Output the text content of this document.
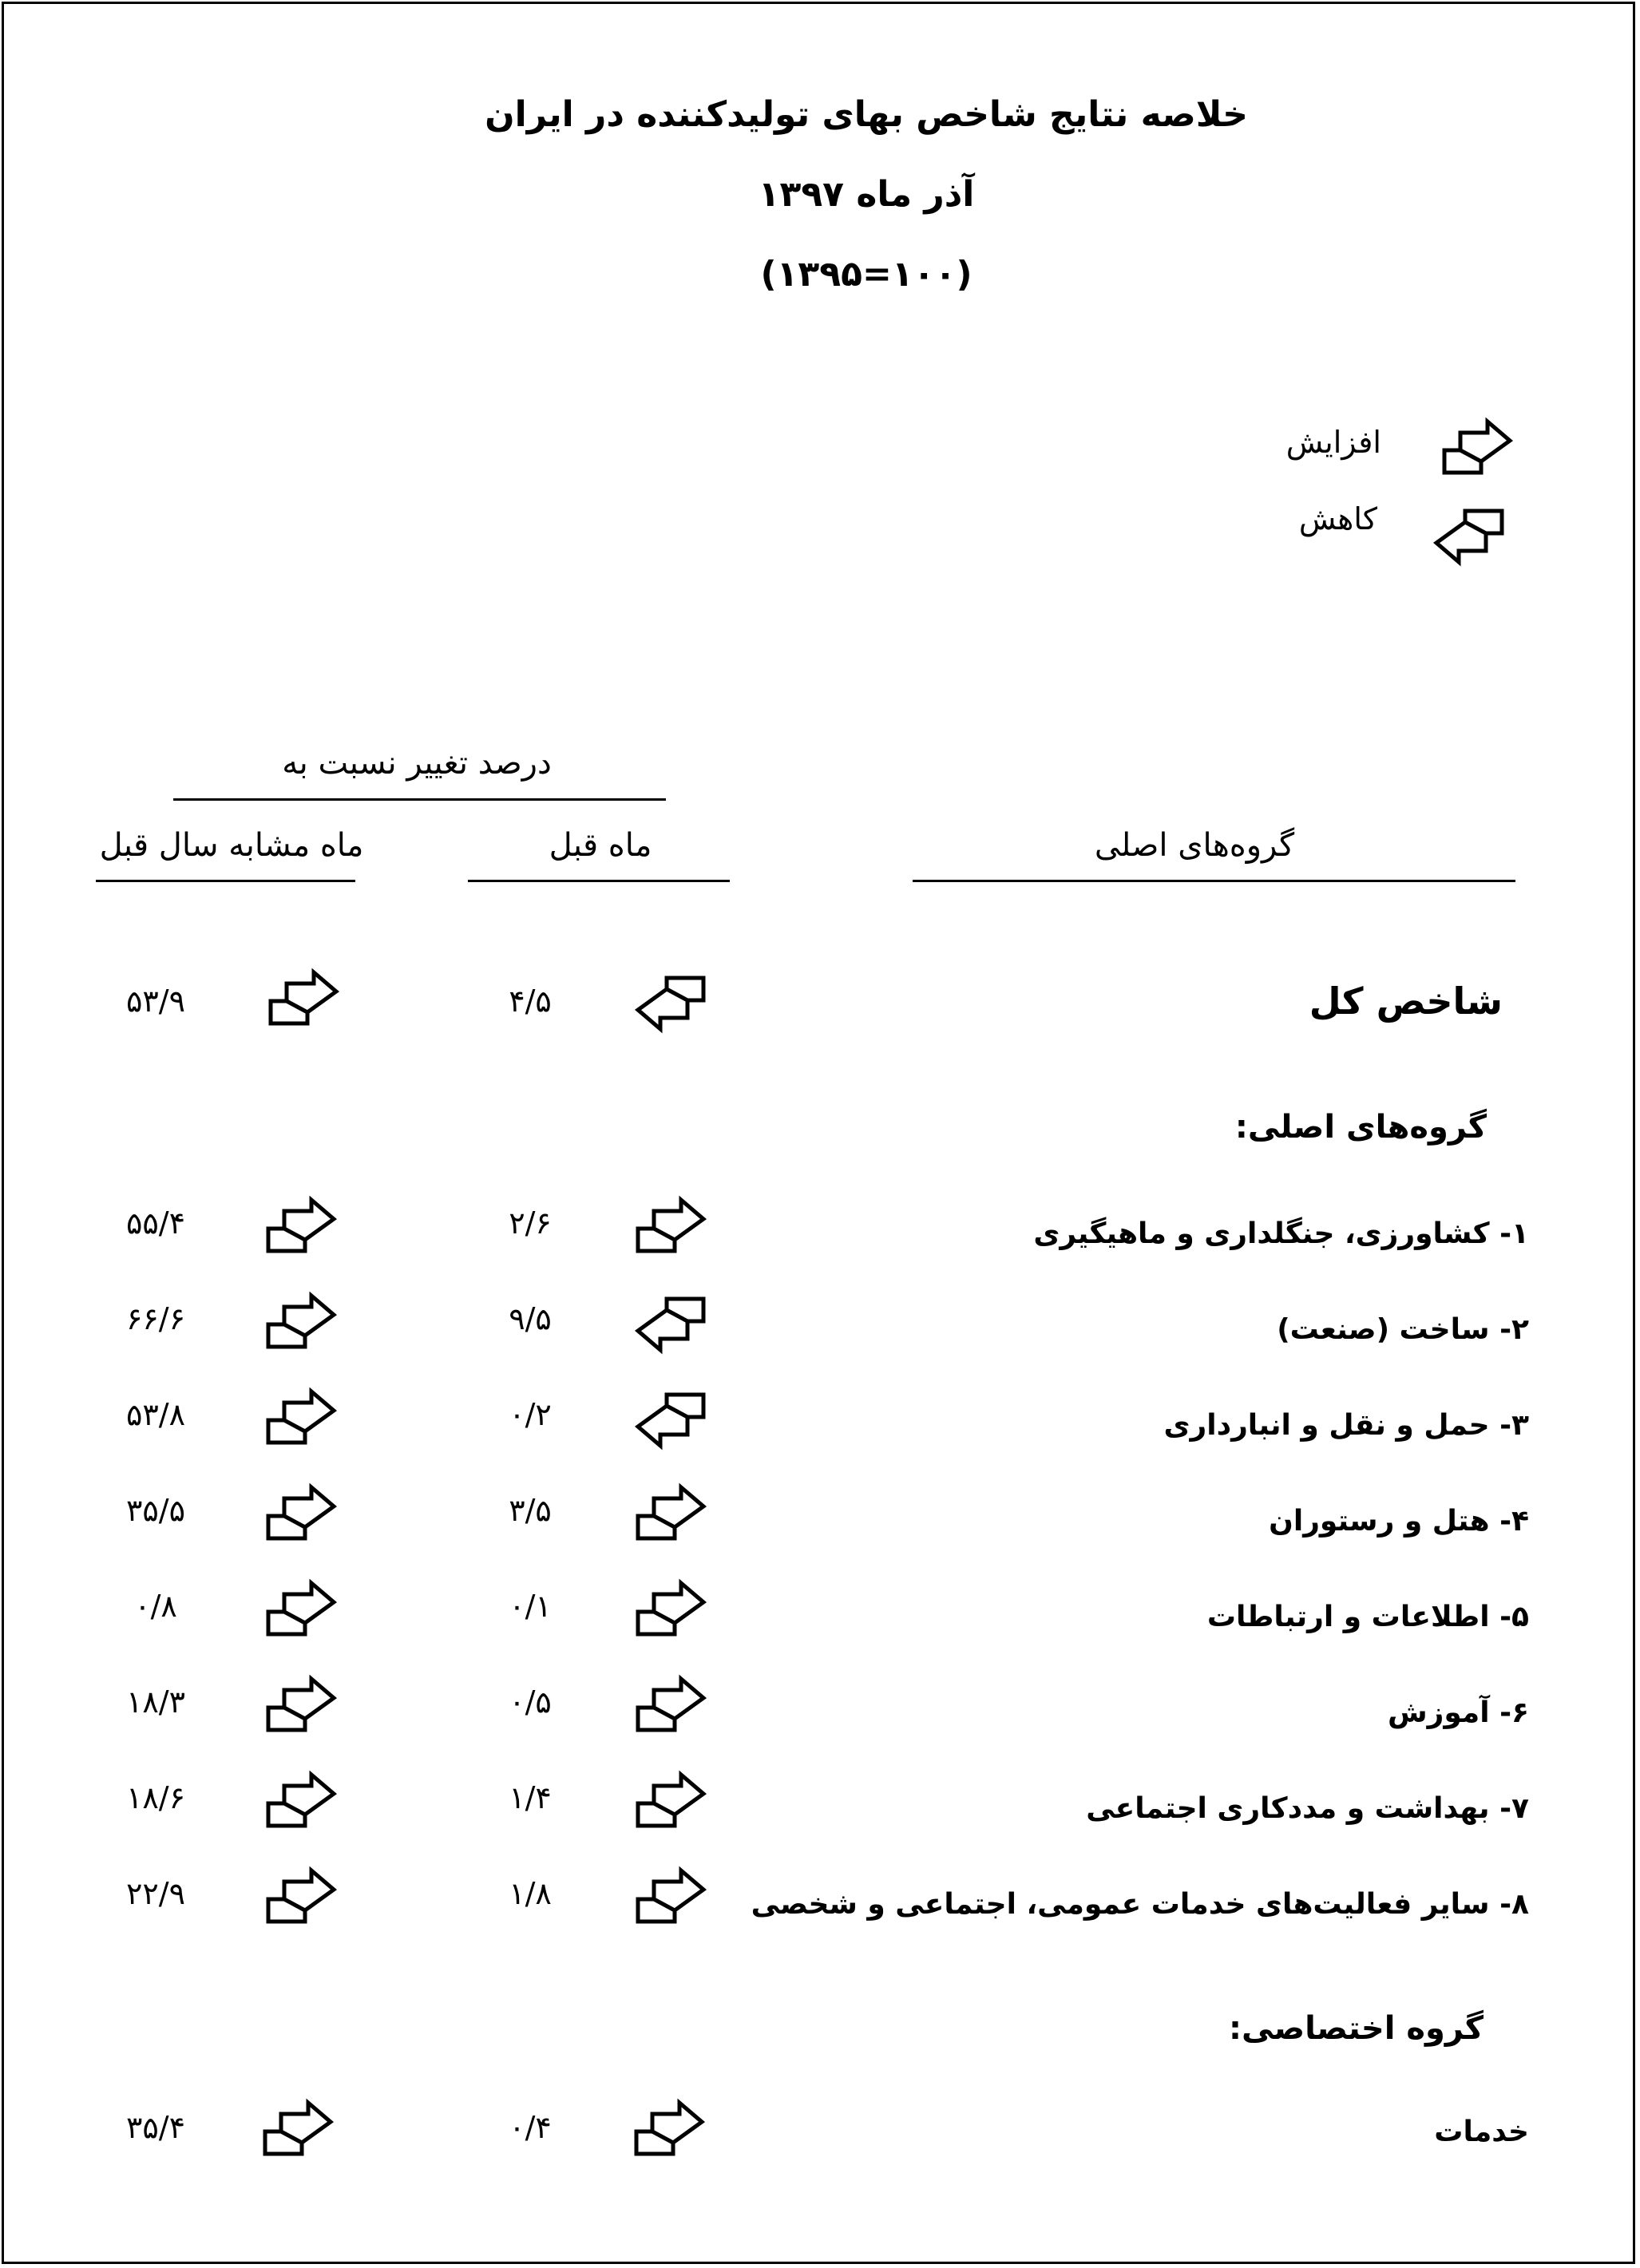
خلاصه نتایج شاخص بهای تولیدکننده در ایران
آذر ماه ۱۳۹۷
(۱۰۰=۱۳۹۵)
افزایش
کاهش
درصد تغییر نسبت به
گروه‌های اصلی
ماه قبل
ماه مشابه سال قبل
شاخص کل
۴/۵
۵۳/۹
گروه‌های اصلی:
۱- کشاورزی، جنگلداری و ماهیگیری
۲/۶
۵۵/۴
۲- ساخت (صنعت)
۹/۵
۶۶/۶
۳- حمل و نقل و انبارداری
۰/۲
۵۳/۸
۴- هتل و رستوران
۳/۵
۳۵/۵
۵- اطلاعات و ارتباطات
۰/۱
۰/۸
۶- آموزش
۰/۵
۱۸/۳
۷- بهداشت و مددکاری اجتماعی
۱/۴
۱۸/۶
۸- سایر فعالیت‌های خدمات عمومی، اجتماعی و شخصی
۱/۸
۲۲/۹
گروه اختصاصی:
خدمات
۰/۴
۳۵/۴
